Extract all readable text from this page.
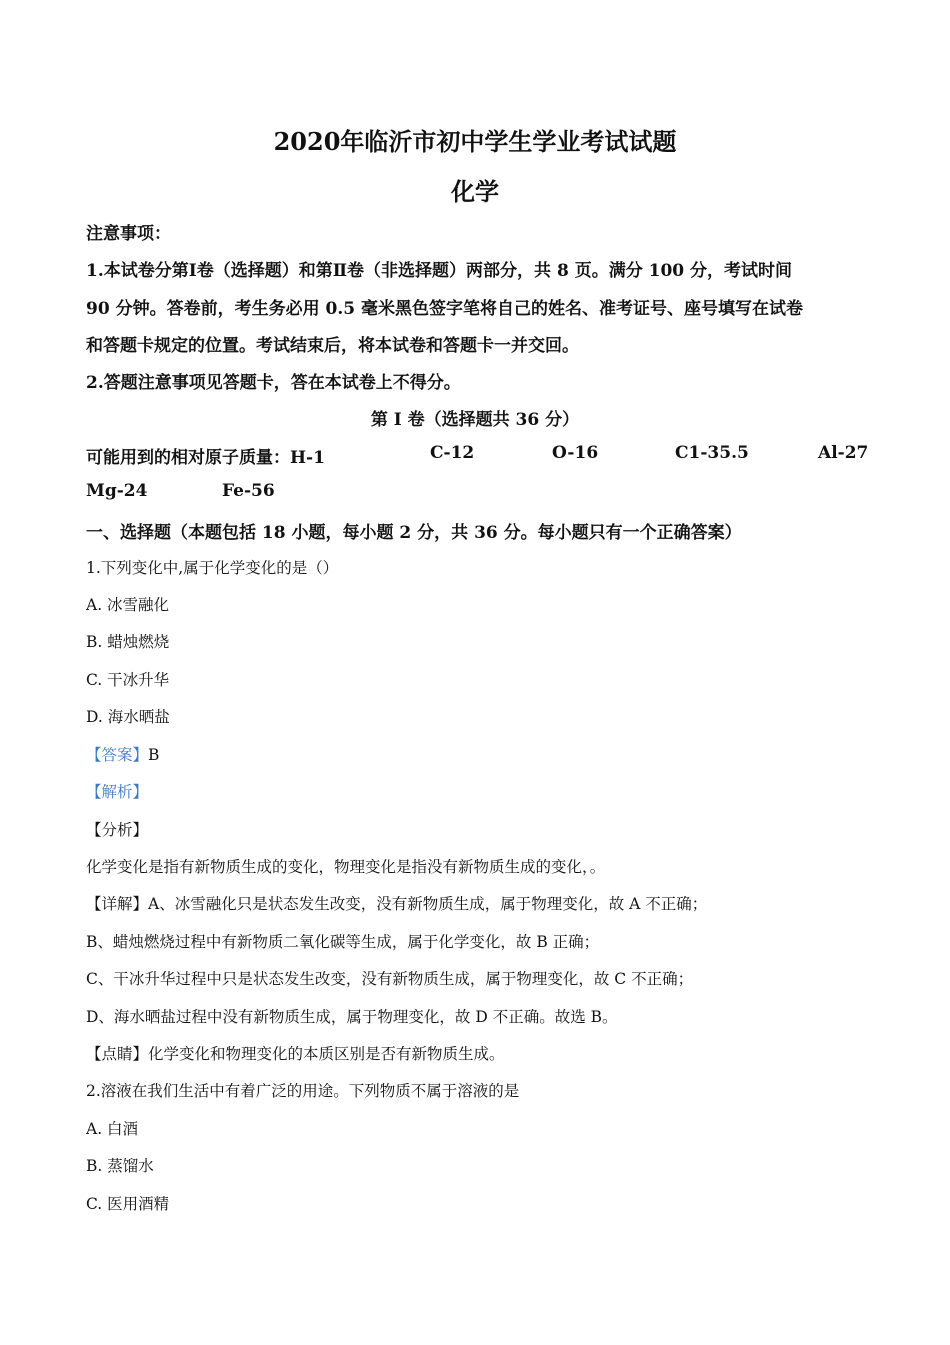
2020年临沂市初中学生学业考试试题
化学
注意事项：
1.本试卷分第Ⅰ卷（选择题）和第Ⅱ卷（非选择题）两部分，共 8 页。满分 100 分，考试时间
90 分钟。答卷前，考生务必用 0.5 毫米黑色签字笔将自己的姓名、准考证号、座号填写在试卷
和答题卡规定的位置。考试结束后，将本试卷和答题卡一并交回。
2.答题注意事项见答题卡，答在本试卷上不得分。
第 I 卷（选择题共 36 分）
可能用到的相对原子质量：H-1	C-12	O-16	C1-35.5	Al-27
Mg-24	Fe-56
一、选择题（本题包括 18 小题，每小题 2 分，共 36 分。每小题只有一个正确答案）
1.下列变化中,属于化学变化的是（）
A. 冰雪融化
B. 蜡烛燃烧
C. 干冰升华
D. 海水晒盐
【答案】B
【解析】
【分析】
化学变化是指有新物质生成的变化，物理变化是指没有新物质生成的变化，。
【详解】A、冰雪融化只是状态发生改变，没有新物质生成，属于物理变化，故 A 不正确；
B、蜡烛燃烧过程中有新物质二氧化碳等生成，属于化学变化，故 B 正确；
C、干冰升华过程中只是状态发生改变，没有新物质生成，属于物理变化，故 C 不正确；
D、海水晒盐过程中没有新物质生成，属于物理变化，故 D 不正确。故选 B。
【点睛】化学变化和物理变化的本质区别是否有新物质生成。
2.溶液在我们生活中有着广泛的用途。下列物质不属于溶液的是
A. 白酒
B. 蒸馏水
C. 医用酒精
